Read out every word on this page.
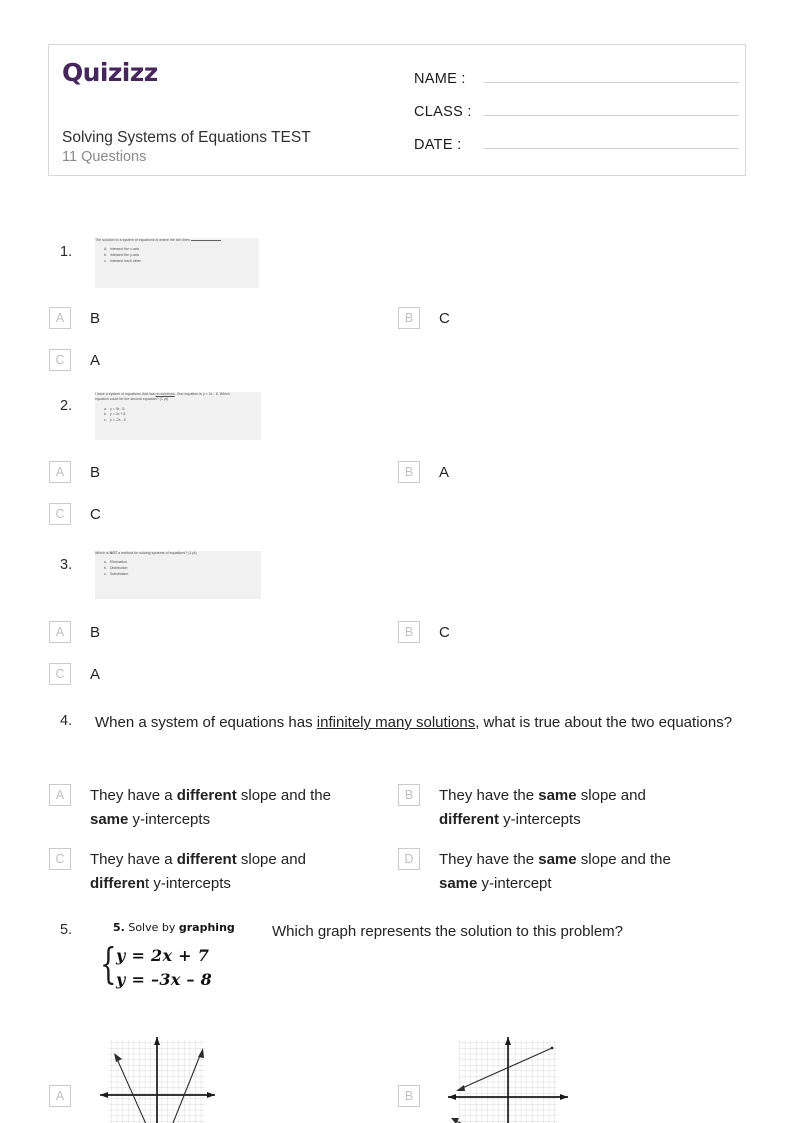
Quizizz
Solving Systems of Equations TEST
11 Questions
NAME :
CLASS :
DATE :
1.
The solution to a system of equations is where the two lines
A. intersect the x-axis
b. intersect the y-axis
c. intersect each other
A	B	B	C
C	A
2.
I have a system of equations that has no solutions. One equation is y = 2x - 5. Which
equation could be the second equation? (1 pt)
a. y = 3x - 5
b. y = 2x + 8
c. y = -2x - 5
A	B	B	A
C	C
3.
Which is NOT a method for solving systems of equations? (1 pt)
a. Elimination
b. Distribution
c. Substitution
A	B	B	C
C	A
4.	When a system of equations has infinitely many solutions, what is true about the two equations?
A	They have a different slope and the same y-intercepts
B	They have the same slope and different y-intercepts
C	They have a different slope and different y-intercepts
D	They have the same slope and the same y-intercept
5.	5. Solve by graphing
{ y = 2x + 7
y = –3x – 8
Which graph represents the solution to this problem?
A	B
